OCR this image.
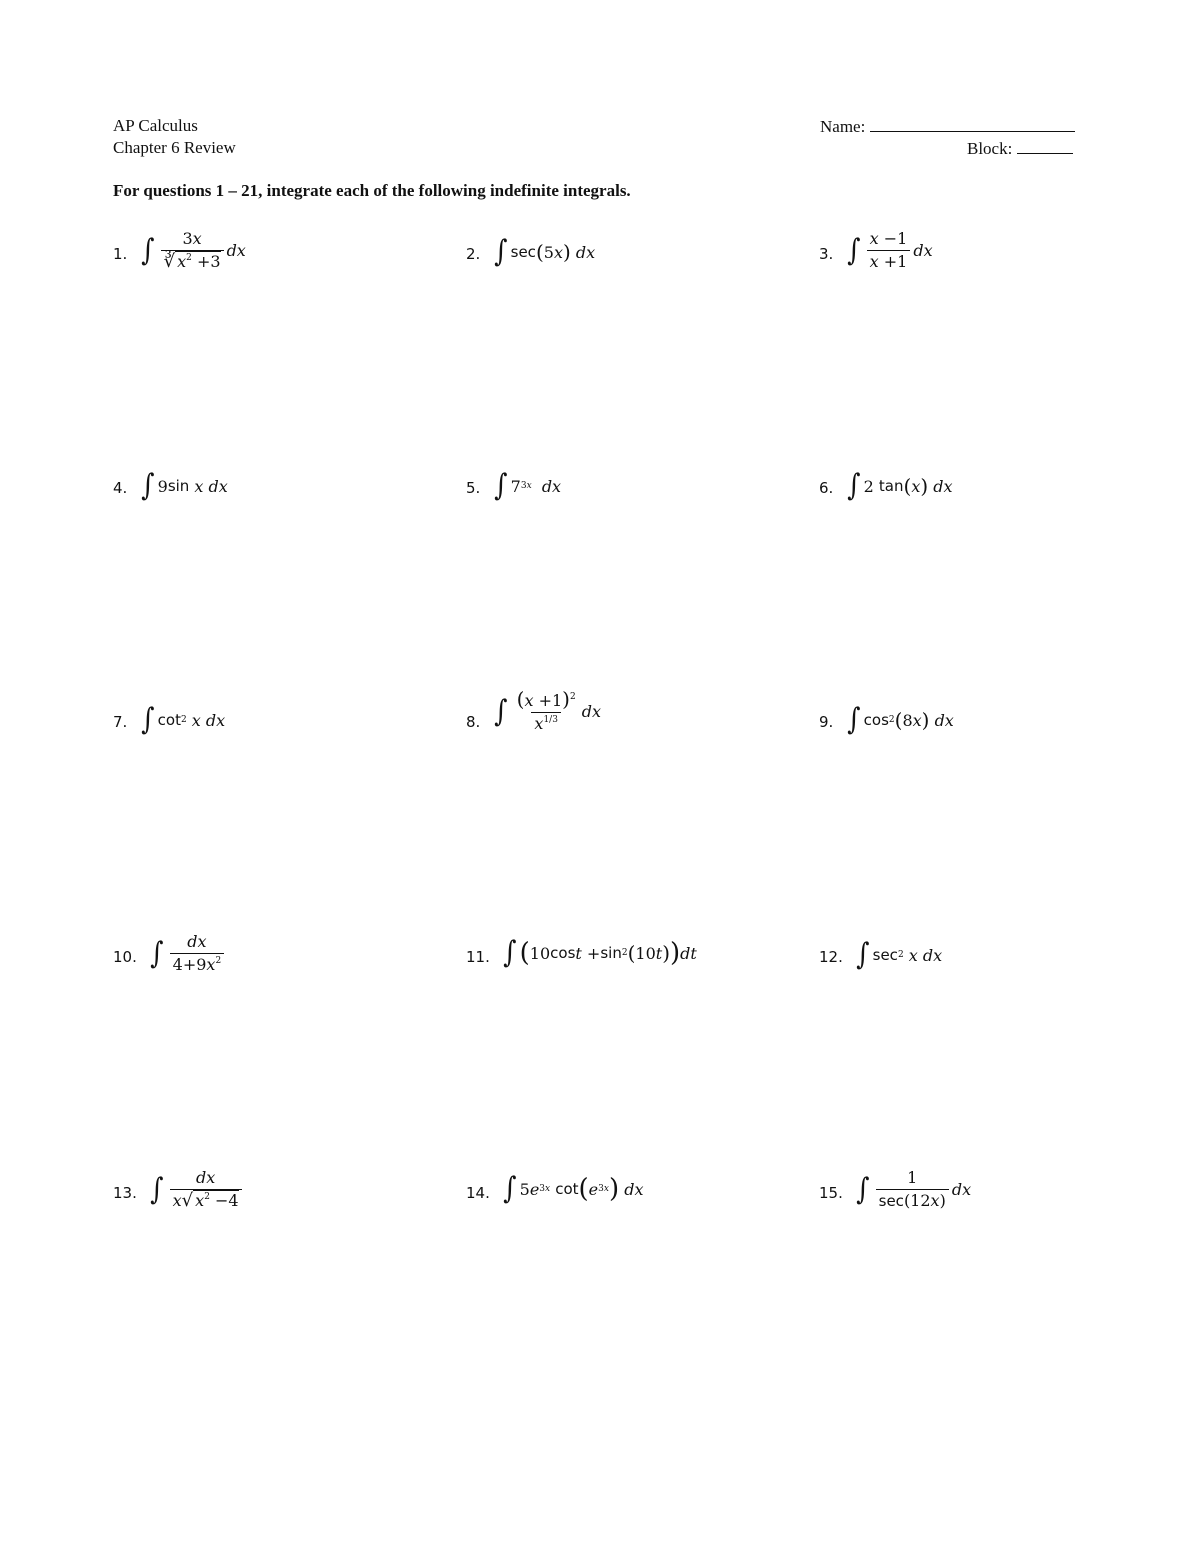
AP Calculus
Chapter 6 Review
Name:
Block:
For questions 1 – 21, integrate each of the following indefinite integrals.
1. ∫ $\frac{3x}{∛ x^2 +3}$ dx	2. ∫ sec ( 5 x )
dx	3. ∫ $\frac{x -1}{x +1}$ dx
4. ∫ 9 sin
x
dx	5. ∫ 7 3x
dx	6. ∫ 2 tan ( x )
dx
7. ∫ cot 2
x
dx	8. ∫ $\frac{(x +1)^2}{x^{1/3}}$ dx
9. ∫ cos 2 ( 8 x )
dx
10. ∫ $\frac{dx}{4+9x^2}$	11. ∫ ( 10 cos t + sin 2 ( 10 t ) ) dt	12. ∫ sec 2
x
dx
13. ∫ $\frac{dx}{x√ x^2 -4}$	14. ∫ 5 e 3x
cot ( e 3x )
dx	15. ∫ $\frac{1}{\sec(12x)}$ dx
